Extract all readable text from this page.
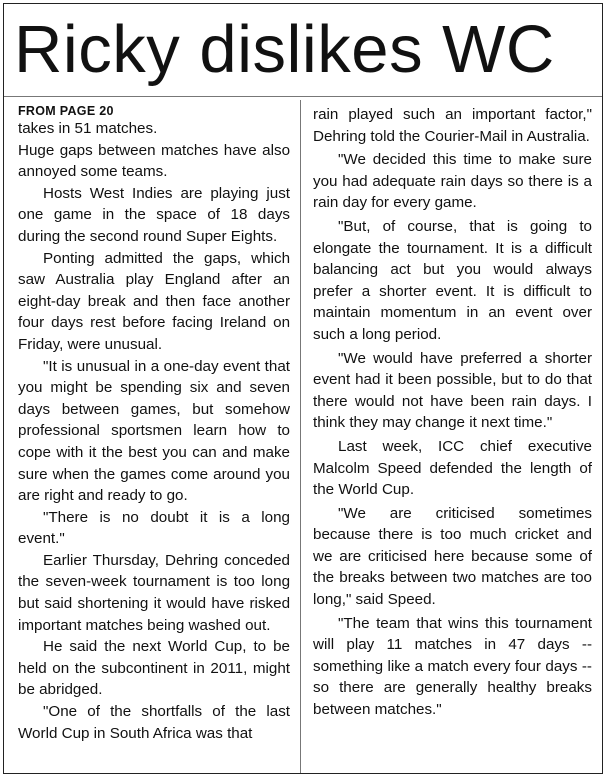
Ricky dislikes WC

FROM PAGE 20

takes in 51 matches.

Huge gaps between matches have also annoyed some teams.

Hosts West Indies are playing just one game in the space of 18 days during the second round Super Eights.

Ponting admitted the gaps, which saw Australia play England after an eight-day break and then face another four days rest before facing Ireland on Friday, were unusual.

"It is unusual in a one-day event that you might be spending six and seven days between games, but somehow professional sportsmen learn how to cope with it the best you can and make sure when the games come around you are right and ready to go.

"There is no doubt it is a long event."

Earlier Thursday, Dehring conceded the seven-week tournament is too long but said shortening it would have risked important matches being washed out.

He said the next World Cup, to be held on the subcontinent in 2011, might be abridged.

"One of the shortfalls of the last World Cup in South Africa was that

rain played such an important factor," Dehring told the Courier-Mail in Australia.

"We decided this time to make sure you had adequate rain days so there is a rain day for every game.

"But, of course, that is going to elongate the tournament. It is a difficult balancing act but you would always prefer a shorter event. It is difficult to maintain momentum in an event over such a long period.

"We would have preferred a shorter event had it been possible, but to do that there would not have been rain days. I think they may change it next time."

Last week, ICC chief executive Malcolm Speed defended the length of the World Cup.

"We are criticised sometimes because there is too much cricket and we are criticised here because some of the breaks between two matches are too long," said Speed.

"The team that wins this tournament will play 11 matches in 47 days -- something like a match every four days -- so there are generally healthy breaks between matches."
